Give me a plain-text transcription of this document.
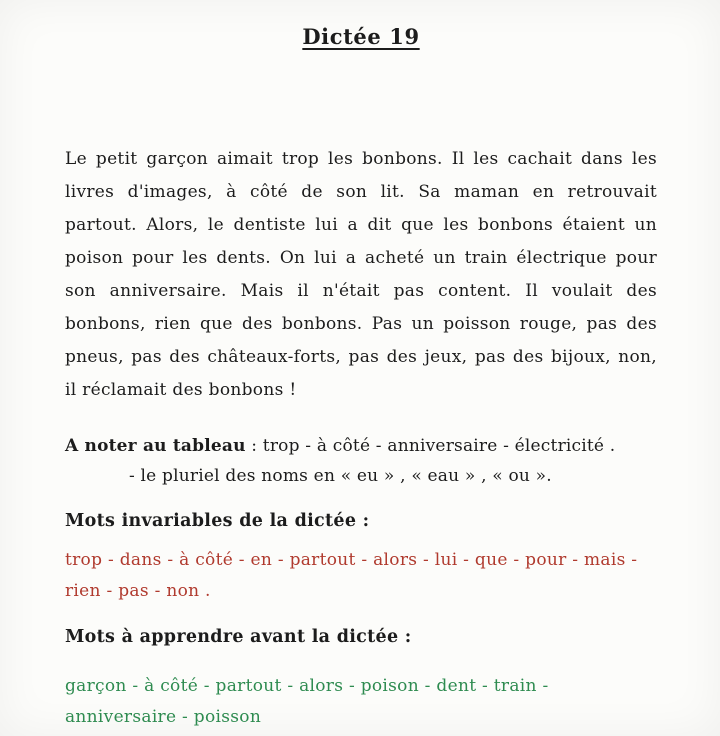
Dictée 19
Le petit garçon aimait trop les bonbons. Il les cachait dans les
livres d'images, à côté de son lit. Sa maman en retrouvait
partout. Alors, le dentiste lui a dit que les bonbons étaient un
poison pour les dents. On lui a acheté un train électrique pour
son anniversaire. Mais il n'était pas content. Il voulait des
bonbons, rien que des bonbons. Pas un poisson rouge, pas des
pneus, pas des châteaux-forts, pas des jeux, pas des bijoux, non,
il réclamait des bonbons !
A noter au tableau : trop - à côté - anniversaire - électricité .
- le pluriel des noms en « eu » , « eau » , « ou ».
Mots invariables de la dictée :
trop - dans - à côté - en - partout - alors - lui - que - pour - mais -
rien - pas - non .
Mots à apprendre avant la dictée :
garçon - à côté - partout - alors - poison - dent - train -
anniversaire - poisson
